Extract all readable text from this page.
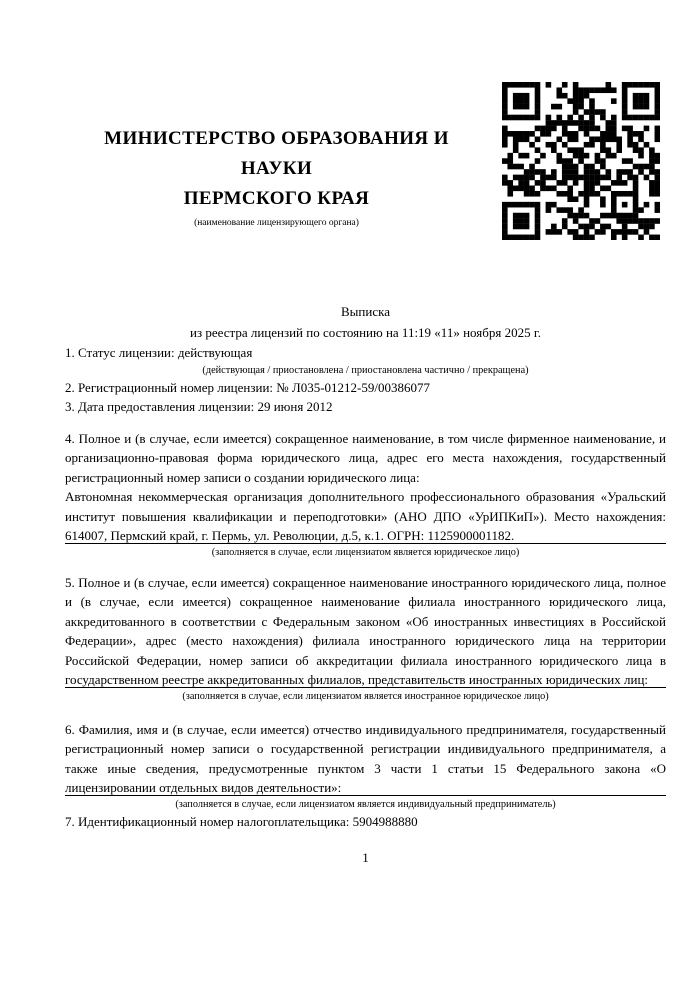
МИНИСТЕРСТВО ОБРАЗОВАНИЯ И НАУКИ
ПЕРМСКОГО КРАЯ
(наименование лицензирующего органа)
Выписка
из реестра лицензий по состоянию на 11:19 «11» ноября 2025 г.

1. Статус лицензии: действующая

(действующая / приостановлена / приостановлена частично / прекращена)

2. Регистрационный номер лицензии: № Л035-01212-59/00386077

3. Дата предоставления лицензии: 29 июня 2012

4. Полное и (в случае, если имеется) сокращенное наименование, в том числе фирменное наименование, и
организационно-правовая форма юридического лица, адрес его места нахождения, государственный
регистрационный номер записи о создании юридического лица:
Автономная некоммерческая организация дополнительного профессионального образования «Уральский
институт повышения квалификации и переподготовки» (АНО ДПО «УрИПКиП»). Место нахождения:
614007, Пермский край, г. Пермь, ул. Революции, д.5, к.1. ОГРН: 1125900001182.
(заполняется в случае, если лицензиатом является юридическое лицо)
5. Полное и (в случае, если имеется) сокращенное наименование иностранного юридического лица, полное
и (в случае, если имеется) сокращенное наименование филиала иностранного юридического лица,
аккредитованного в соответствии с Федеральным законом «Об иностранных инвестициях в Российской
Федерации», адрес (место нахождения) филиала иностранного юридического лица на территории
Российской Федерации, номер записи об аккредитации филиала иностранного юридического лица в
государственном реестре аккредитованных филиалов, представительств иностранных юридических лиц:
(заполняется в случае, если лицензиатом является иностранное юридическое лицо)
6. Фамилия, имя и (в случае, если имеется) отчество индивидуального предпринимателя, государственный
регистрационный номер записи о государственной регистрации индивидуального предпринимателя, а
также иные сведения, предусмотренные пунктом 3 части 1 статьи 15 Федерального закона «О
лицензировании отдельных видов деятельности»:
(заполняется в случае, если лицензиатом является индивидуальный предприниматель)

7. Идентификационный номер налогоплательщика: 5904988880

1
